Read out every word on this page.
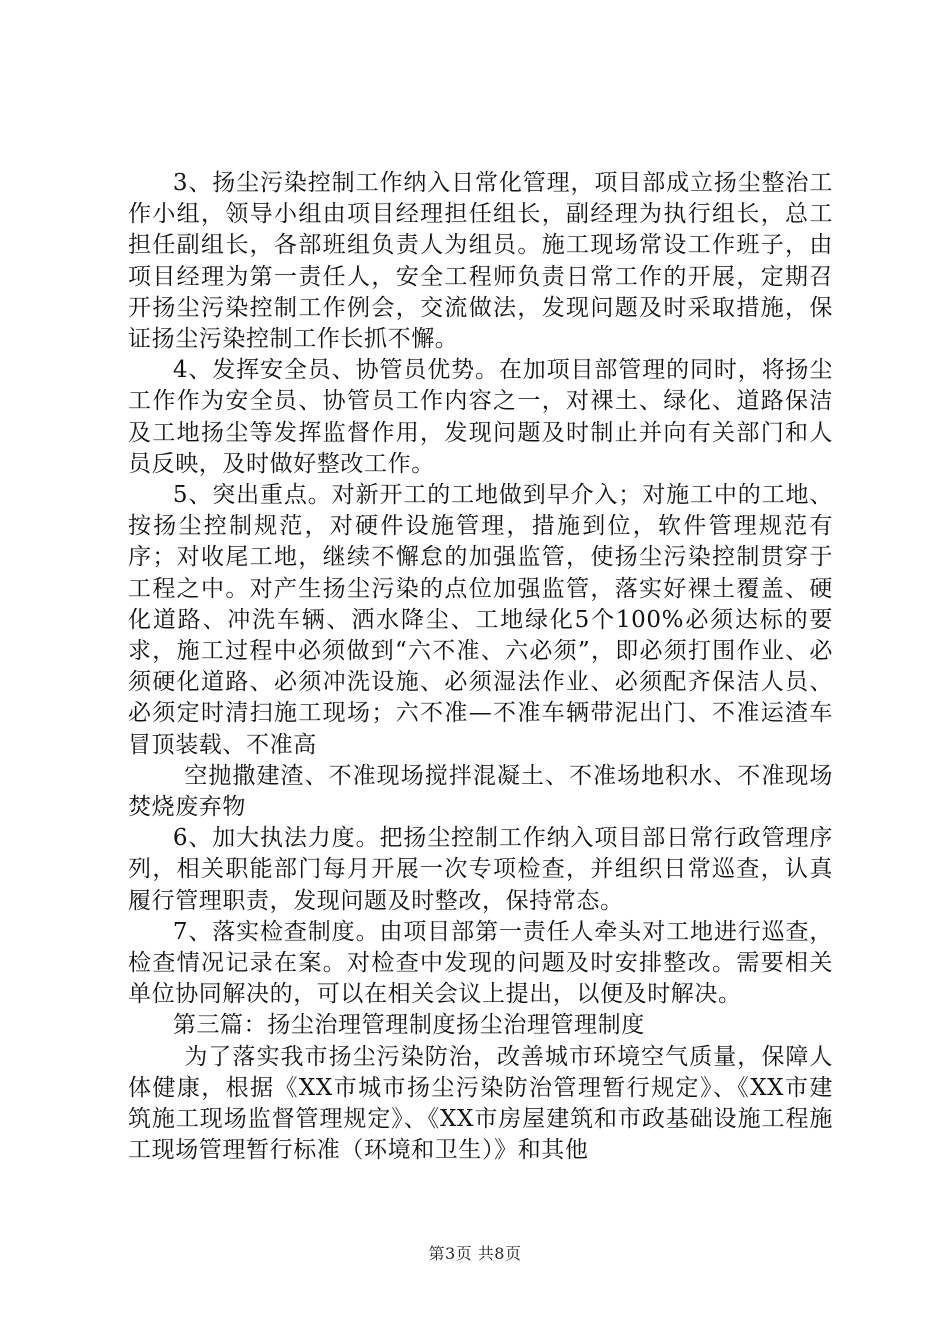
3、扬尘污染控制工作纳入日常化管理，项目部成立扬尘整治工作小组，领导小组由项目经理担任组长，副经理为执行组长，总工担任副组长，各部班组负责人为组员。施工现场常设工作班子，由项目经理为第一责任人，安全工程师负责日常工作的开展，定期召开扬尘污染控制工作例会，交流做法，发现问题及时采取措施，保证扬尘污染控制工作长抓不懈。

4、发挥安全员、协管员优势。在加项目部管理的同时，将扬尘工作作为安全员、协管员工作内容之一，对裸土、绿化、道路保洁及工地扬尘等发挥监督作用，发现问题及时制止并向有关部门和人员反映，及时做好整改工作。

5、突出重点。对新开工的工地做到早介入；对施工中的工地、按扬尘控制规范，对硬件设施管理，措施到位，软件管理规范有序；对收尾工地，继续不懈怠的加强监管，使扬尘污染控制贯穿于工程之中。对产生扬尘污染的点位加强监管，落实好裸土覆盖、硬化道路、冲洗车辆、洒水降尘、工地绿化5个100%必须达标的要求，施工过程中必须做到“六不准、六必须”，即必须打围作业、必须硬化道路、必须冲洗设施、必须湿法作业、必须配齐保洁人员、必须定时清扫施工现场；六不准—不准车辆带泥出门、不准运渣车冒顶装载、不准高

空抛撒建渣、不准现场搅拌混凝土、不准场地积水、不准现场焚烧废弃物

6、加大执法力度。把扬尘控制工作纳入项目部日常行政管理序列，相关职能部门每月开展一次专项检查，并组织日常巡查，认真履行管理职责，发现问题及时整改，保持常态。

7、落实检查制度。由项目部第一责任人牵头对工地进行巡查，检查情况记录在案。对检查中发现的问题及时安排整改。需要相关单位协同解决的，可以在相关会议上提出，以便及时解决。

第三篇：扬尘治理管理制度扬尘治理管理制度

为了落实我市扬尘污染防治，改善城市环境空气质量，保障人体健康，根据《XX市城市扬尘污染防治管理暂行规定》、《XX市建筑施工现场监督管理规定》、《XX市房屋建筑和市政基础设施工程施工现场管理暂行标准（环境和卫生）》和其他

第3页 共8页
